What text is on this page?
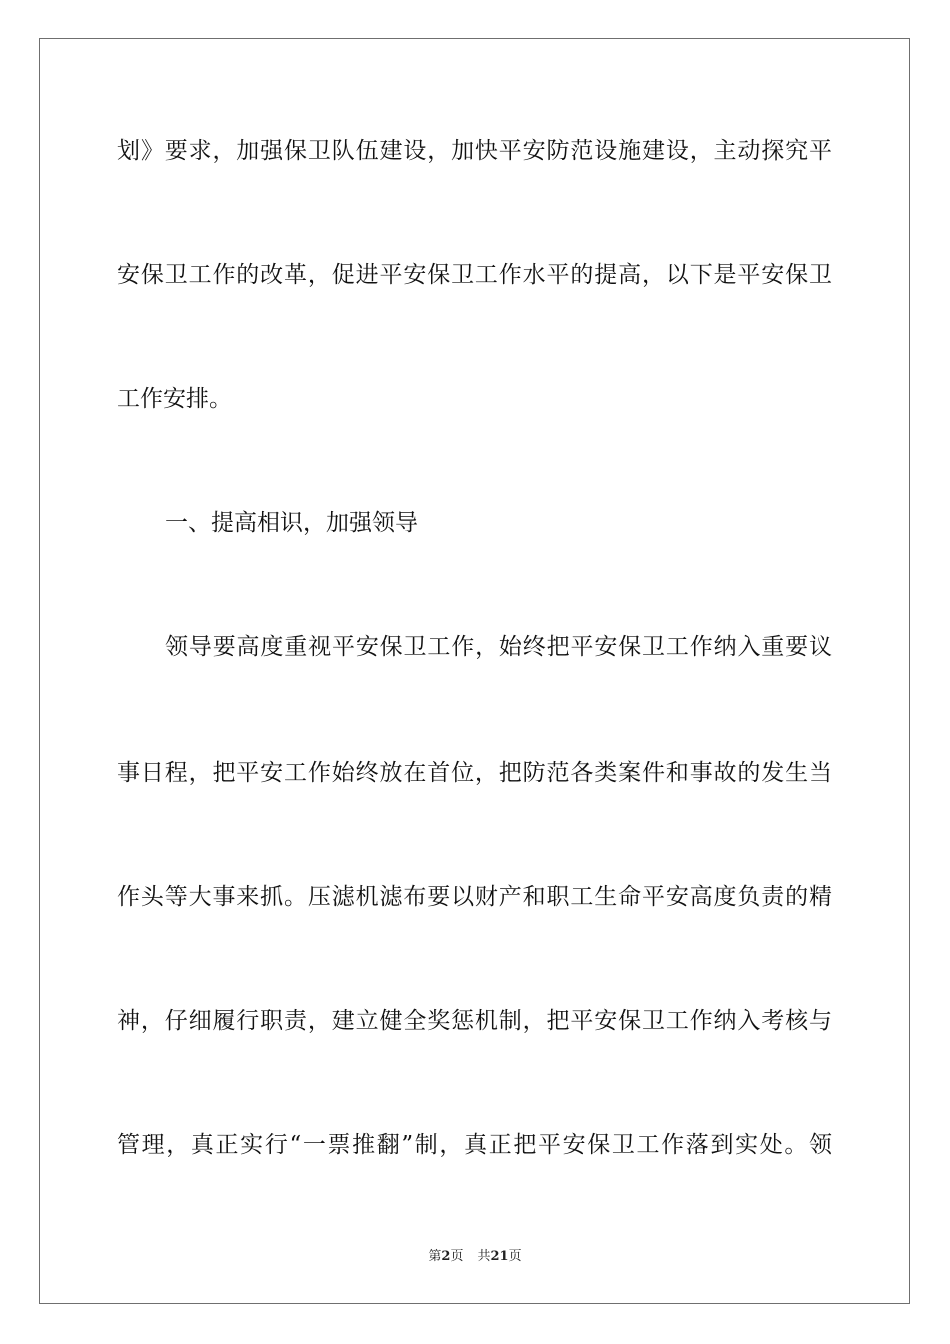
划》要求，加强保卫队伍建设，加快平安防范设施建设，主动探究平
安保卫工作的改革，促进平安保卫工作水平的提高，以下是平安保卫
工作安排。
一、提高相识，加强领导
领导要高度重视平安保卫工作，始终把平安保卫工作纳入重要议
事日程，把平安工作始终放在首位，把防范各类案件和事故的发生当
作头等大事来抓。压滤机滤布要以财产和职工生命平安高度负责的精
神，仔细履行职责，建立健全奖惩机制，把平安保卫工作纳入考核与
管理，真正实行“一票推翻”制，真正把平安保卫工作落到实处。领
第2页 共21页
